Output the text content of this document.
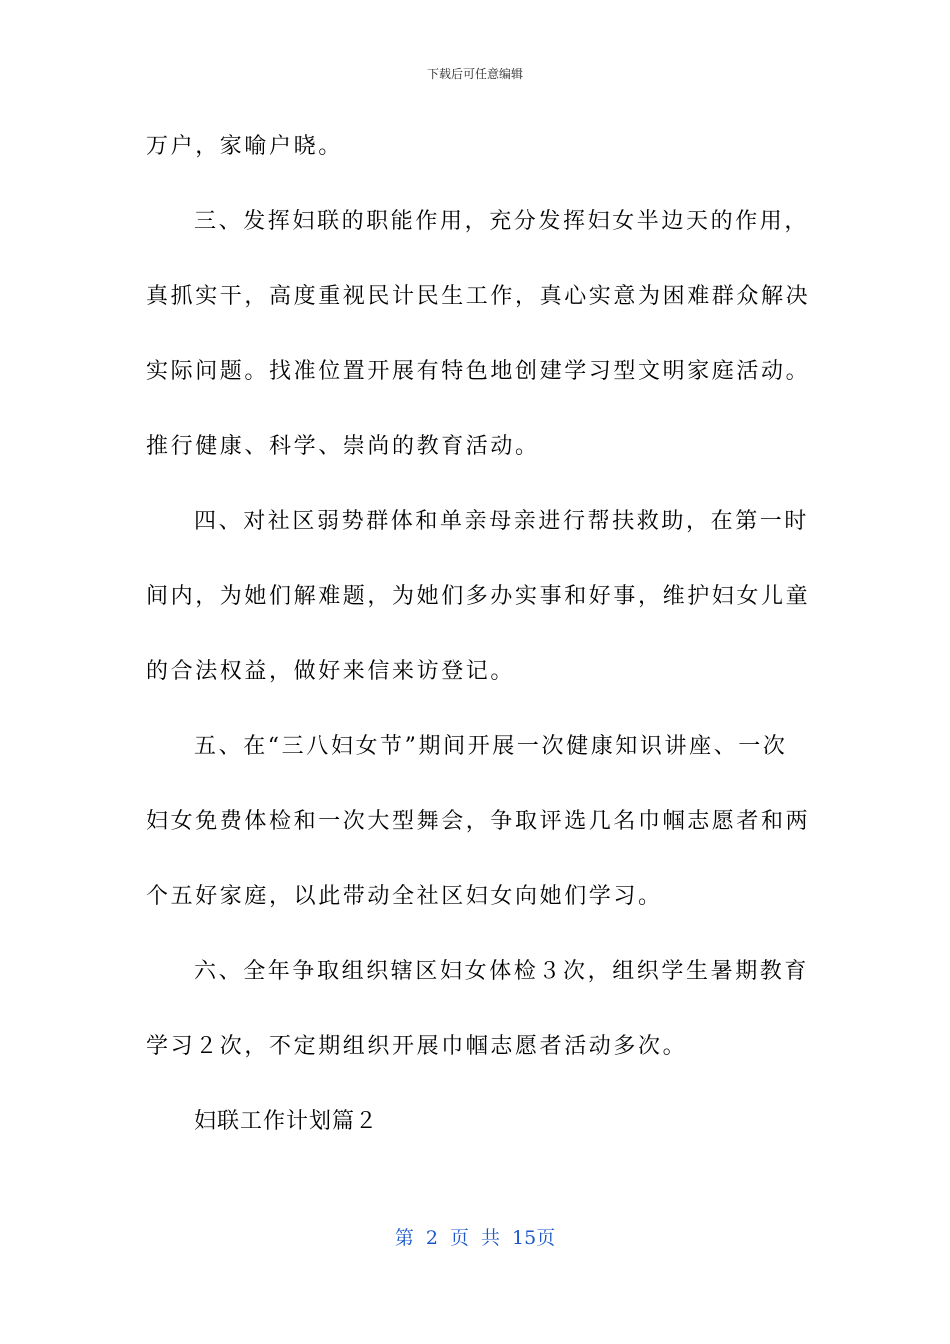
下载后可任意编辑
万户，家喻户晓。
三、发挥妇联的职能作用，充分发挥妇女半边天的作用，
真抓实干，高度重视民计民生工作，真心实意为困难群众解决
实际问题。找准位置开展有特色地创建学习型文明家庭活动。
推行健康、科学、崇尚的教育活动。
四、对社区弱势群体和单亲母亲进行帮扶救助，在第一时
间内，为她们解难题，为她们多办实事和好事，维护妇女儿童
的合法权益，做好来信来访登记。
五、在“三八妇女节”期间开展一次健康知识讲座、一次
妇女免费体检和一次大型舞会，争取评选几名巾帼志愿者和两
个五好家庭，以此带动全社区妇女向她们学习。
六、全年争取组织辖区妇女体检３次，组织学生暑期教育
学习２次，不定期组织开展巾帼志愿者活动多次。
妇联工作计划篇２
第 2 页 共 15页
